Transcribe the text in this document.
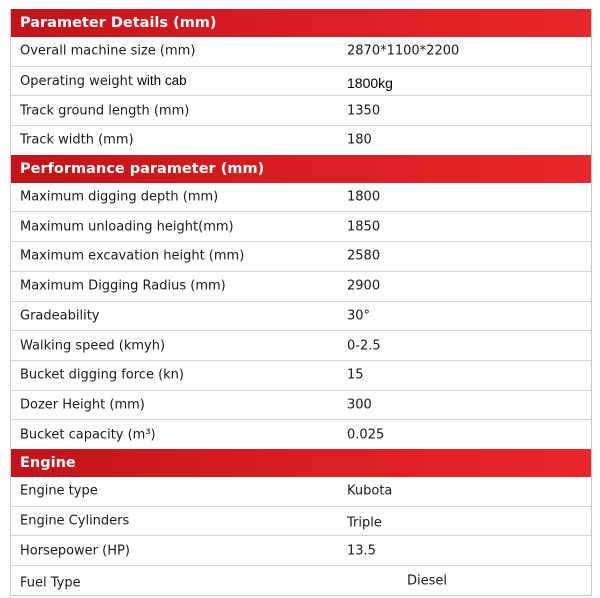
Parameter Details (mm)
Overall machine size (mm)	2870*1100*2200
Operating weight with cab	1800kg
Track ground length (mm)	1350
Track width (mm)	180
Performance parameter (mm)
Maximum digging depth (mm)	1800
Maximum unloading height(mm)	1850
Maximum excavation height (mm)	2580
Maximum Digging Radius (mm)	2900
Gradeability	30°
Walking speed (kmyh)	0-2.5
Bucket digging force (kn)	15
Dozer Height (mm)	300
Bucket capacity (m³)	0.025
Engine
Engine type	Kubota
Engine Cylinders	Triple
Horsepower (HP)	13.5
Fuel Type	Diesel
